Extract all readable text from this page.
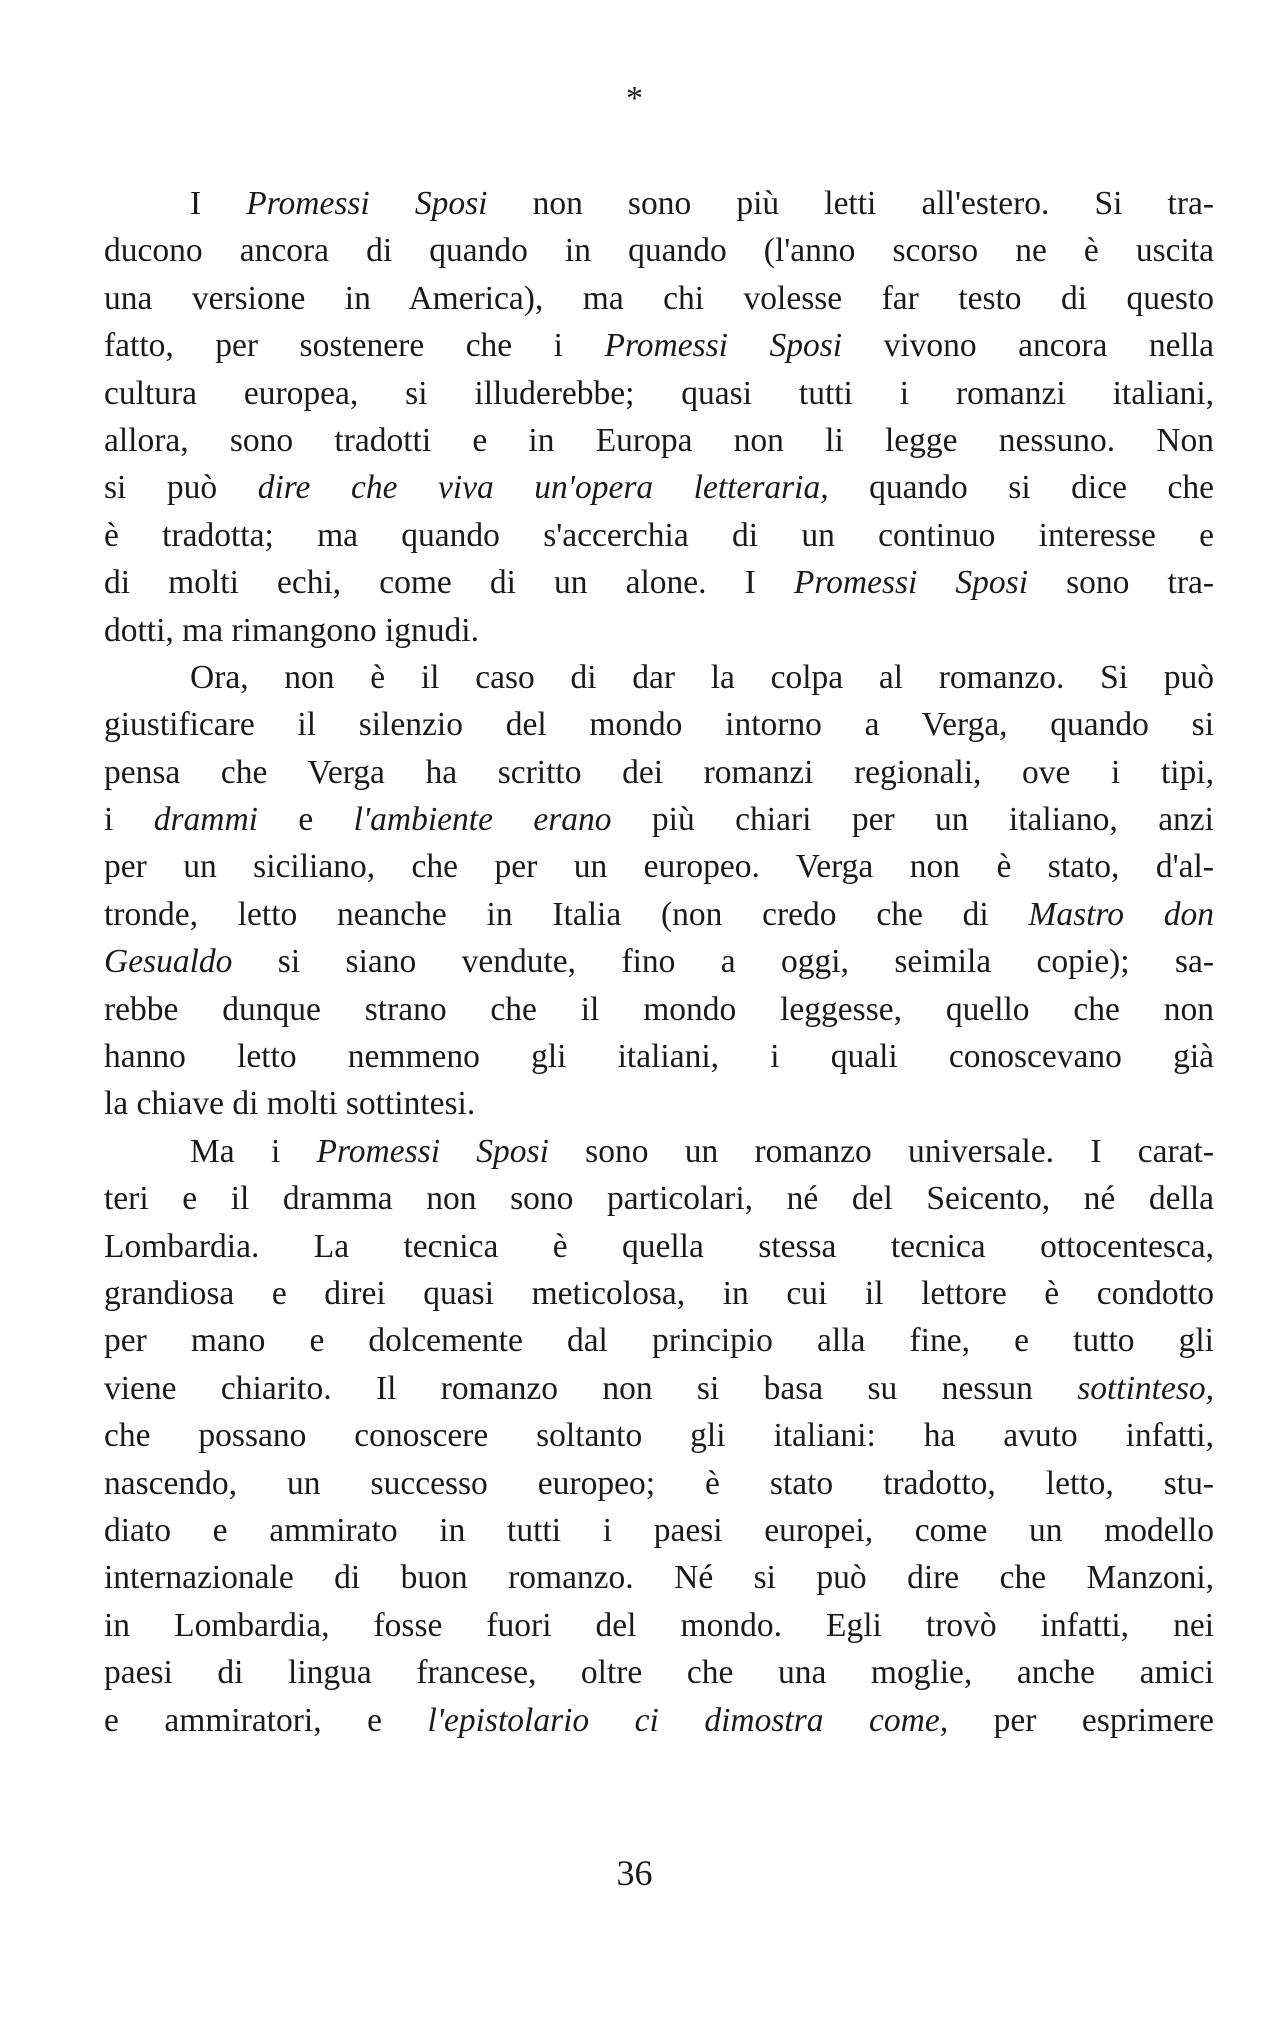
*
I Promessi Sposi non sono più letti all'estero. Si tra-
ducono ancora di quando in quando (l'anno scorso ne è uscita
una versione in America), ma chi volesse far testo di questo
fatto, per sostenere che i Promessi Sposi vivono ancora nella
cultura europea, si illuderebbe; quasi tutti i romanzi italiani,
allora, sono tradotti e in Europa non li legge nessuno. Non
si può dire che viva un'opera letteraria, quando si dice che
è tradotta; ma quando s'accerchia di un continuo interesse e
di molti echi, come di un alone. I Promessi Sposi sono tra-
dotti, ma rimangono ignudi.
Ora, non è il caso di dar la colpa al romanzo. Si può
giustificare il silenzio del mondo intorno a Verga, quando si
pensa che Verga ha scritto dei romanzi regionali, ove i tipi,
i drammi e l'ambiente erano più chiari per un italiano, anzi
per un siciliano, che per un europeo. Verga non è stato, d'al-
tronde, letto neanche in Italia (non credo che di Mastro don
Gesualdo si siano vendute, fino a oggi, seimila copie); sa-
rebbe dunque strano che il mondo leggesse, quello che non
hanno letto nemmeno gli italiani, i quali conoscevano già
la chiave di molti sottintesi.
Ma i Promessi Sposi sono un romanzo universale. I carat-
teri e il dramma non sono particolari, né del Seicento, né della
Lombardia. La tecnica è quella stessa tecnica ottocentesca,
grandiosa e direi quasi meticolosa, in cui il lettore è condotto
per mano e dolcemente dal principio alla fine, e tutto gli
viene chiarito. Il romanzo non si basa su nessun sottinteso,
che possano conoscere soltanto gli italiani: ha avuto infatti,
nascendo, un successo europeo; è stato tradotto, letto, stu-
diato e ammirato in tutti i paesi europei, come un modello
internazionale di buon romanzo. Né si può dire che Manzoni,
in Lombardia, fosse fuori del mondo. Egli trovò infatti, nei
paesi di lingua francese, oltre che una moglie, anche amici
e ammiratori, e l'epistolario ci dimostra come, per esprimere
36
